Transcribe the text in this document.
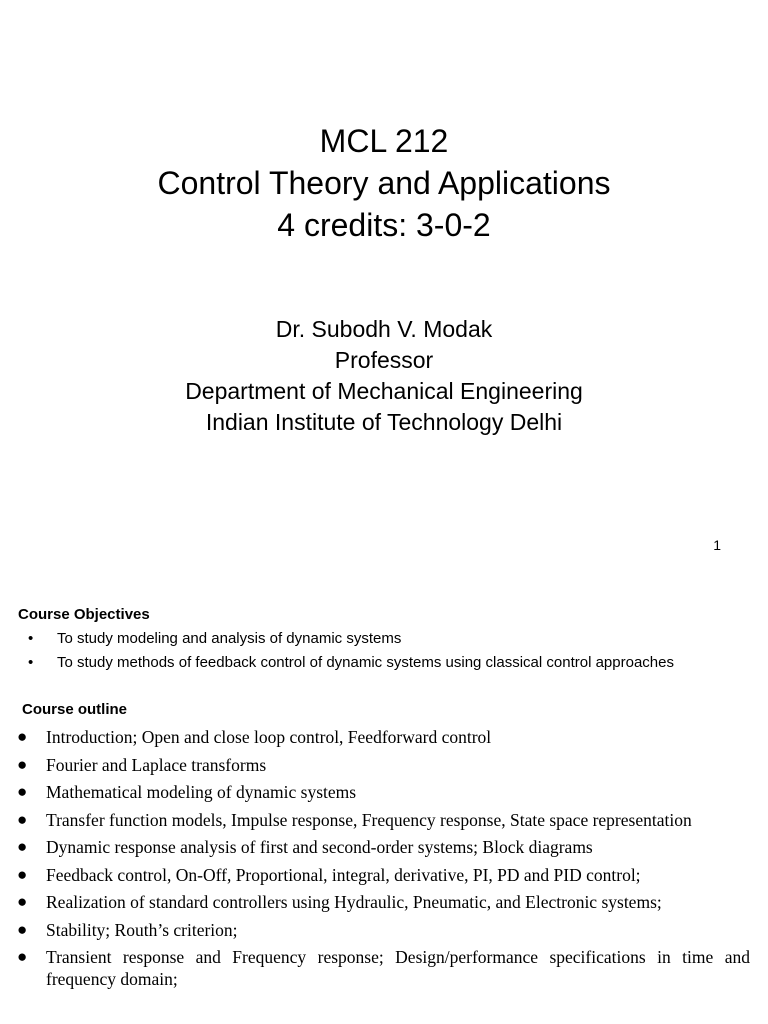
MCL 212
Control Theory and Applications
4 credits: 3-0-2
Dr. Subodh V. Modak
Professor
Department of Mechanical Engineering
Indian Institute of Technology Delhi
1
Course Objectives
• To study modeling and analysis of dynamic systems
• To study methods of feedback control of dynamic systems using classical control approaches
Course outline
● Introduction; Open and close loop control, Feedforward control
● Fourier and Laplace transforms
● Mathematical modeling of dynamic systems
● Transfer function models, Impulse response, Frequency response, State space representation
● Dynamic response analysis of first and second-order systems; Block diagrams
● Feedback control, On-Off, Proportional, integral, derivative, PI, PD and PID control;
● Realization of standard controllers using Hydraulic, Pneumatic, and Electronic systems;
● Stability; Routh’s criterion;
● Transient response and Frequency response; Design/performance specifications in time and frequency domain;
